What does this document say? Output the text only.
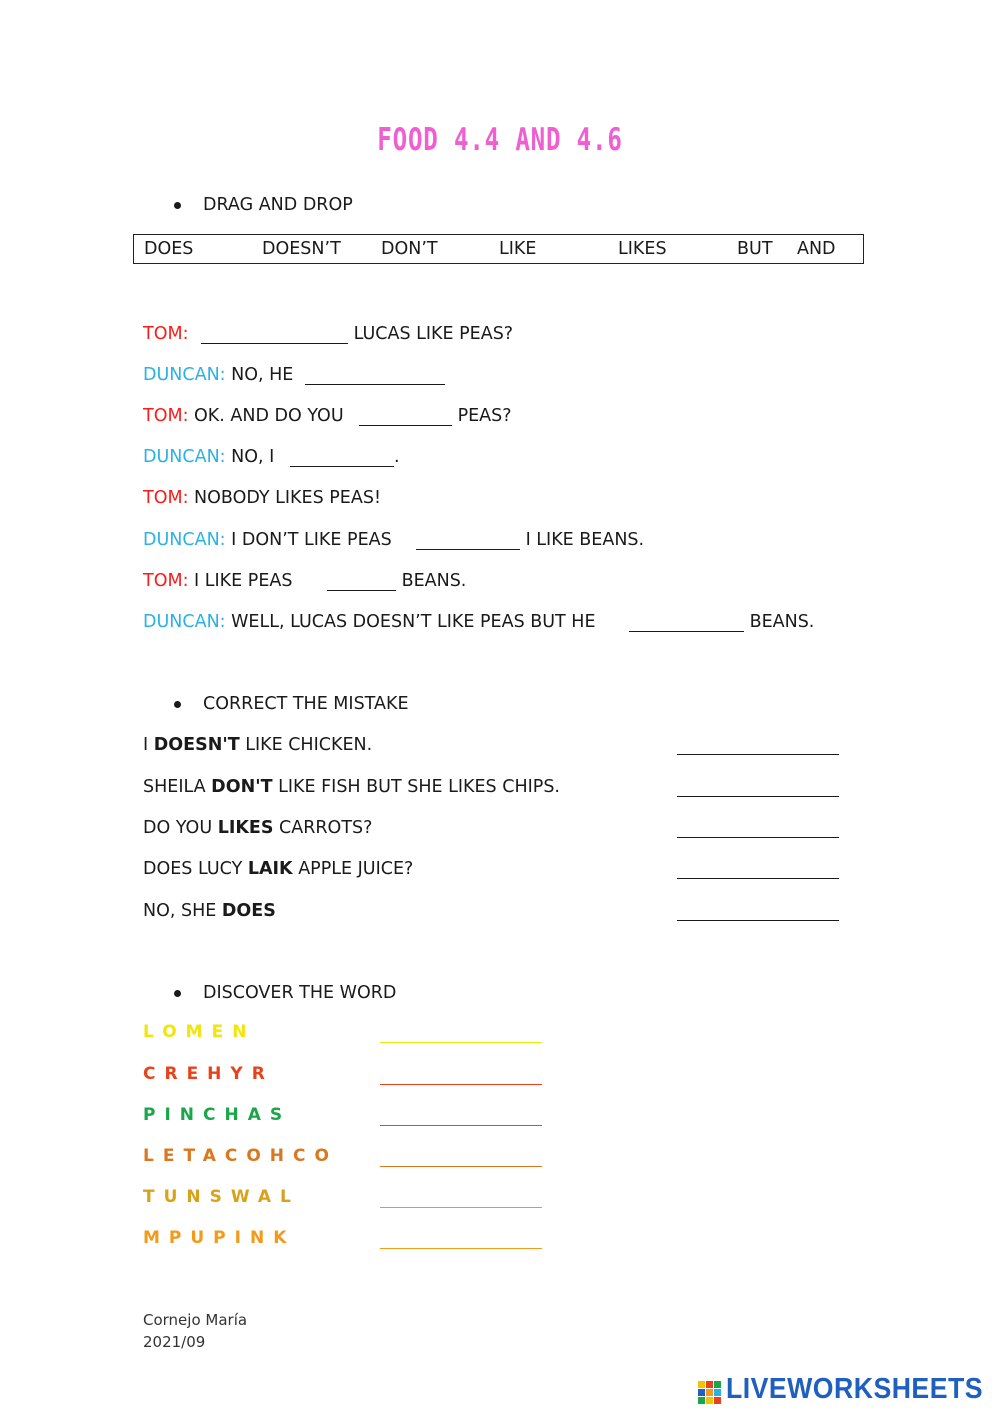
FOOD 4.4 AND 4.6
DRAG AND DROP
DOES	DOESN’T DON’T	LIKE	LIKES	BUT AND
TOM:	LUCAS LIKE PEAS?
DUNCAN: NO, HE
TOM: OK. AND DO YOU	PEAS?
DUNCAN: NO, I	.
TOM: NOBODY LIKES PEAS!
DUNCAN: I DON’T LIKE PEAS	I LIKE BEANS.
TOM: I LIKE PEAS	BEANS.
DUNCAN: WELL, LUCAS DOESN’T LIKE PEAS BUT HE	BEANS.
CORRECT THE MISTAKE
I DOESN'T LIKE CHICKEN.
SHEILA DON'T LIKE FISH BUT SHE LIKES CHIPS.
DO YOU LIKES CARROTS?
DOES LUCY LAIK APPLE JUICE?
NO, SHE DOES
DISCOVER THE WORD
LOMEN
CREHYR
PINCHAS
LETACOHCO
TUNSWAL
MPUPINK
Cornejo María
2021/09
LIVEWORKSHEETS
